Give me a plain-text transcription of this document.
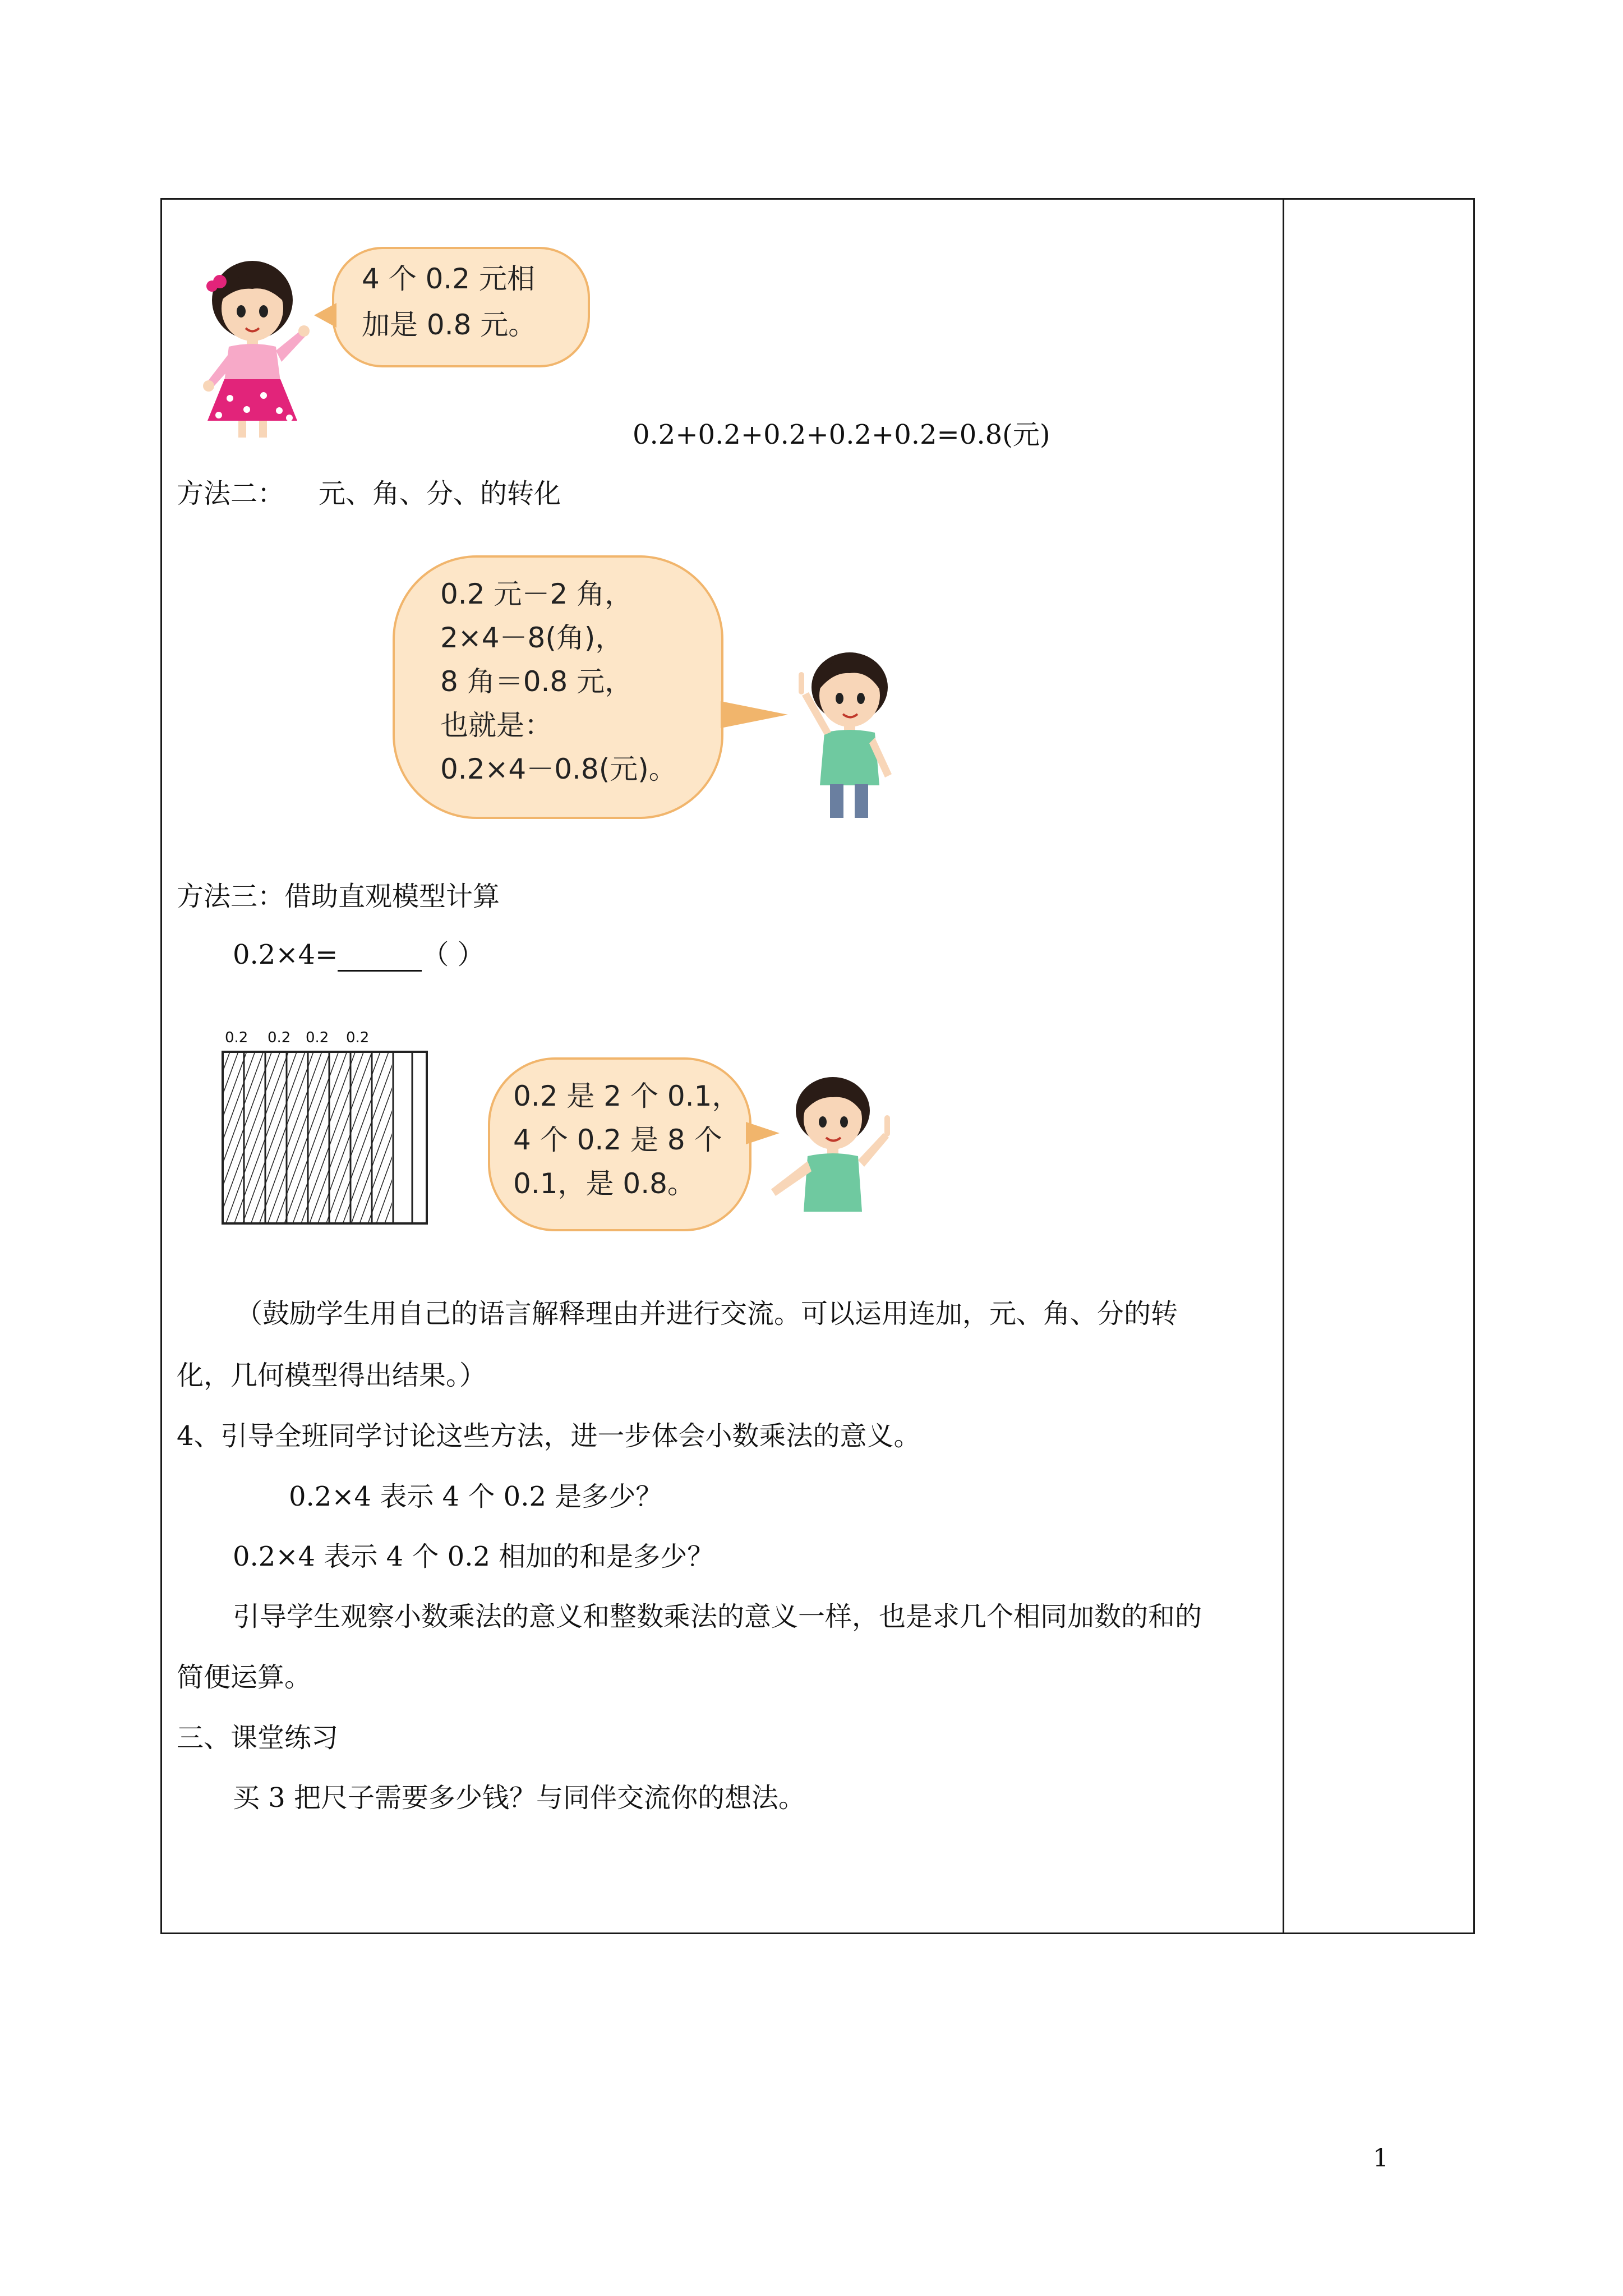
4 个 0.2 元相
加是 0.8 元。
0.2+0.2+0.2+0.2+0.2=0.8(元)
方法二： 元、角、分、的转化
0.2 元－2 角，
2×4－8(角)，
8 角＝0.8 元，
也就是：
0.2×4－0.8(元)。
方法三：借助直观模型计算
0.2×4=	（ ）
0.2 0.2 0.2 0.2
0.2 是 2 个 0.1，
4 个 0.2 是 8 个
0.1，是 0.8。
（鼓励学生用自己的语言解释理由并进行交流。可以运用连加，元、角、分的转
化，几何模型得出结果。）
4、引导全班同学讨论这些方法，进一步体会小数乘法的意义。
0.2×4 表示 4 个 0.2 是多少？
0.2×4 表示 4 个 0.2 相加的和是多少？
引导学生观察小数乘法的意义和整数乘法的意义一样，也是求几个相同加数的和的
简便运算。
三、课堂练习
买 3 把尺子需要多少钱？与同伴交流你的想法。
1
